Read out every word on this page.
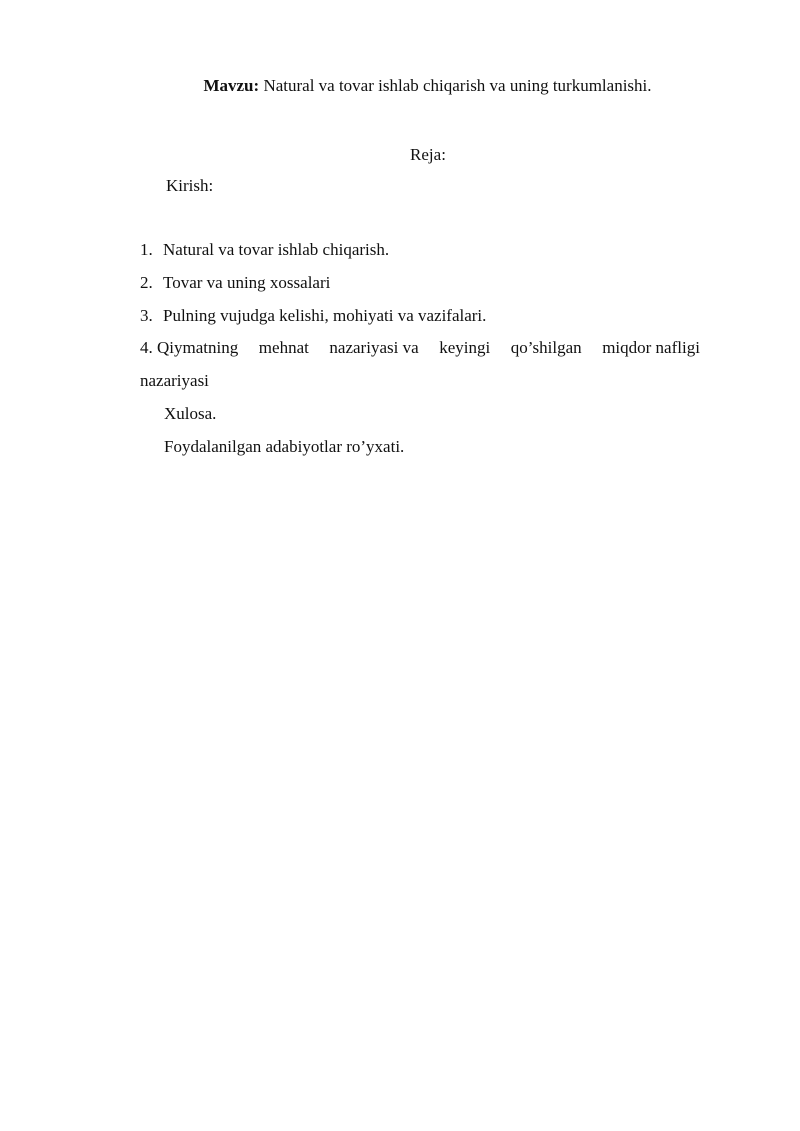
Mavzu: Natural va tovar ishlab chiqarish va uning turkumlanishi.
Reja:
Kirish:
1. Natural va tovar ishlab chiqarish.
2. Tovar va uning xossalari
3. Pulning vujudga kelishi, mohiyati va vazifalari.
4. Qiymatning mehnat nazariyasi va keyingi qo’shilgan miqdor nafligi
nazariyasi
Xulosa.
Foydalanilgan adabiyotlar ro’yxati.
